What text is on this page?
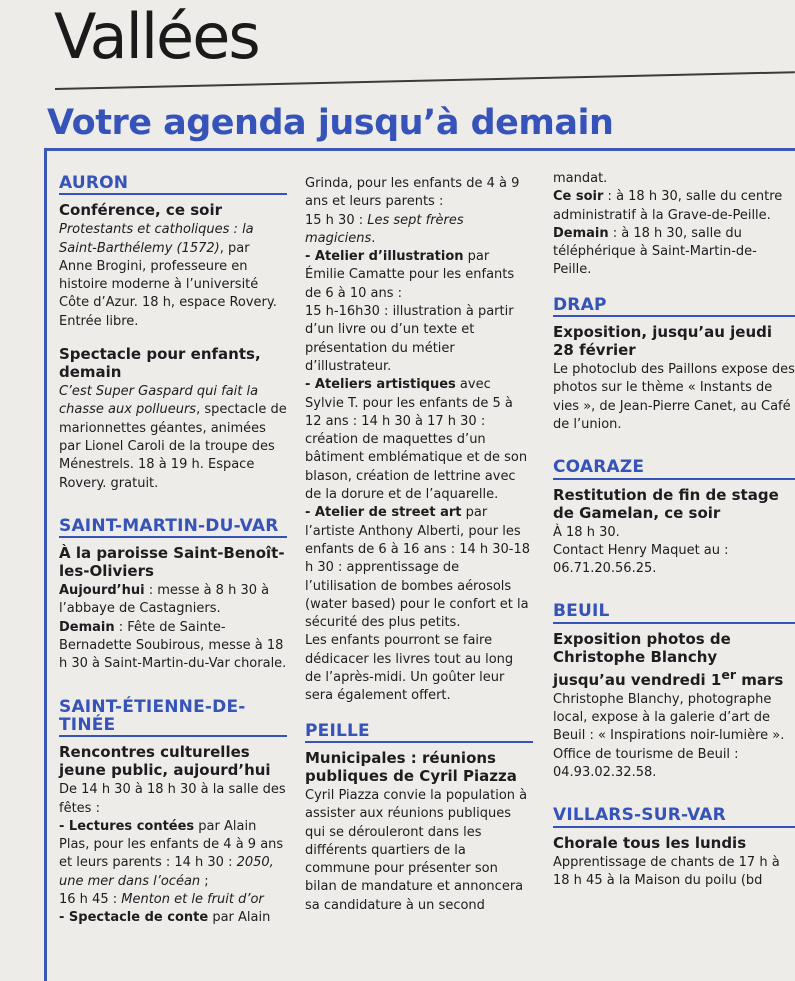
Vallées
Votre agenda jusqu’à demain
AURON
Conférence, ce soir

Protestants et catholiques : la Saint-Barthélemy (1572), par Anne Brogini, professeure en histoire moderne à l’université Côte d’Azur. 18 h, espace Rovery. Entrée libre.

Spectacle pour enfants, demain

C’est Super Gaspard qui fait la chasse aux pollueurs, spectacle de marionnettes géantes, animées par Lionel Caroli de la troupe des Ménestrels. 18 à 19 h. Espace Rovery. gratuit.

SAINT-MARTIN-DU-VAR
À la paroisse Saint-Benoît-les-Oliviers

Aujourd’hui : messe à 8 h 30 à l’abbaye de Castagniers.

Demain : Fête de Sainte-Bernadette Soubirous, messe à 18 h 30 à Saint-Martin-du-Var chorale.

SAINT-ÉTIENNE-DE-TINÉE
Rencontres culturelles jeune public, aujourd’hui

De 14 h 30 à 18 h 30 à la salle des fêtes :

- Lectures contées par Alain Plas, pour les enfants de 4 à 9 ans et leurs parents : 14 h 30 : 2050, une mer dans l’océan ;

16 h 45 : Menton et le fruit d’or

- Spectacle de conte par Alain

Grinda, pour les enfants de 4 à 9 ans et leurs parents :

15 h 30 : Les sept frères magiciens.

- Atelier d’illustration par Émilie Camatte pour les enfants de 6 à 10 ans :

15 h-16h30 : illustration à partir d’un livre ou d’un texte et présentation du métier d’illustrateur.

- Ateliers artistiques avec Sylvie T. pour les enfants de 5 à 12 ans : 14 h 30 à 17 h 30 : création de maquettes d’un bâtiment emblématique et de son blason, création de lettrine avec de la dorure et de l’aquarelle.

- Atelier de street art par l’artiste Anthony Alberti, pour les enfants de 6 à 16 ans : 14 h 30-18 h 30 : apprentissage de l’utilisation de bombes aérosols (water based) pour le confort et la sécurité des plus petits.

Les enfants pourront se faire dédicacer les livres tout au long de l’après-midi. Un goûter leur sera également offert.

PEILLE
Municipales : réunions publiques de Cyril Piazza

Cyril Piazza convie la population à assister aux réunions publiques qui se dérouleront dans les différents quartiers de la commune pour présenter son bilan de mandature et annoncera sa candidature à un second

mandat.

Ce soir : à 18 h 30, salle du centre administratif à la Grave-de-Peille.

Demain : à 18 h 30, salle du téléphérique à Saint-Martin-de-Peille.

DRAP
Exposition, jusqu’au jeudi 28 février

Le photoclub des Paillons expose des photos sur le thème « Instants de vies », de Jean-Pierre Canet, au Café de l’union.

COARAZE
Restitution de fin de stage de Gamelan, ce soir

À 18 h 30.

Contact Henry Maquet au : 06.71.20.56.25.

BEUIL
Exposition photos de Christophe Blanchy jusqu’au vendredi 1er mars

Christophe Blanchy, photographe local, expose à la galerie d’art de Beuil : « Inspirations noir-lumière ». Office de tourisme de Beuil : 04.93.02.32.58.

VILLARS-SUR-VAR
Chorale tous les lundis

Apprentissage de chants de 17 h à 18 h 45 à la Maison du poilu (bd
